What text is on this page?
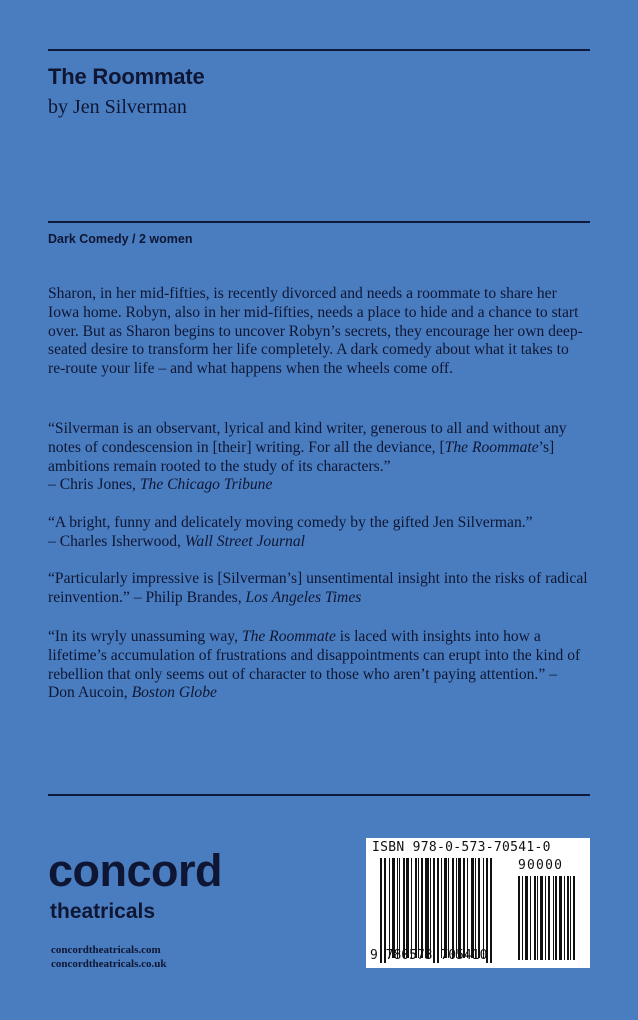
The Roommate
by Jen Silverman
Dark Comedy / 2 women

Sharon, in her mid-fifties, is recently divorced and needs a roommate to share her Iowa home. Robyn, also in her mid-fifties, needs a place to hide and a chance to start over. But as Sharon begins to uncover Robyn’s secrets, they encourage her own deep-seated desire to transform her life completely. A dark comedy about what it takes to re-route your life – and what happens when the wheels come off.

“Silverman is an observant, lyrical and kind writer, generous to all and without any notes of condescension in [their] writing. For all the deviance, [The Roommate’s] ambitions remain rooted to the study of its characters.”
– Chris Jones, The Chicago Tribune

“A bright, funny and delicately moving comedy by the gifted Jen Silverman.”
– Charles Isherwood, Wall Street Journal

“Particularly impressive is [Silverman’s] unsentimental insight into the risks of radical reinvention.” – Philip Brandes, Los Angeles Times

“In its wryly unassuming way, The Roommate is laced with insights into how a lifetime’s accumulation of frustrations and disappointments can erupt into the kind of rebellion that only seems out of character to those who aren’t paying attention.” – Don Aucoin, Boston Globe

concord
theatricals
concordtheatricals.com
concordtheatricals.co.uk
ISBN 978-0-573-70541-0
90000
9 780573 705410
